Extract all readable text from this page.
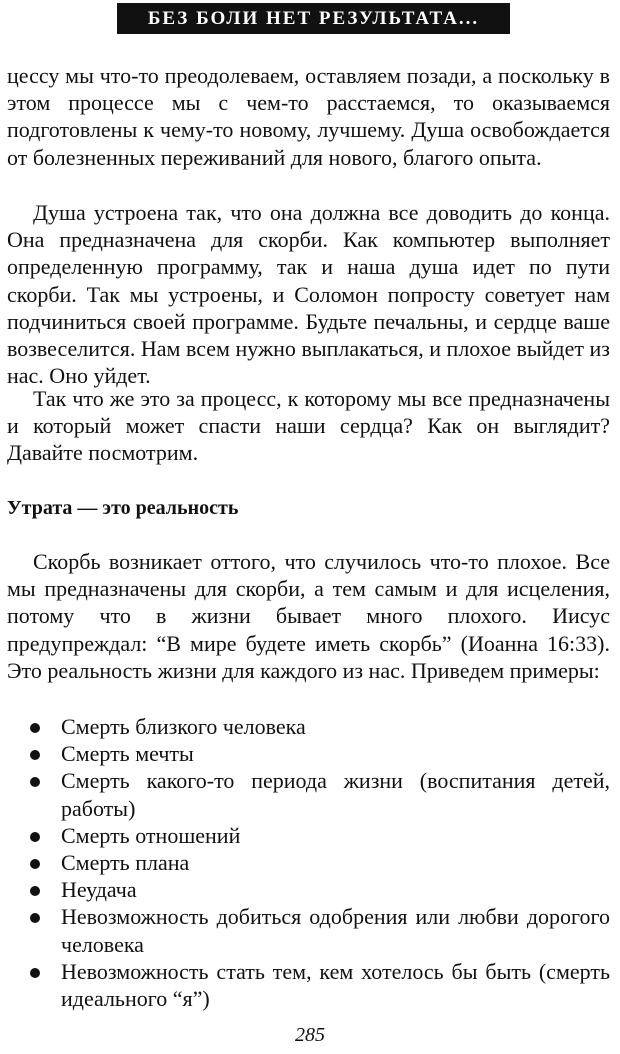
БЕЗ БОЛИ НЕТ РЕЗУЛЬТАТА...

цессу мы что-то преодолеваем, оставляем позади, а поскольку в этом процессе мы с чем-то расстаемся, то оказываемся подготовлены к чему-то новому, лучшему. Душа освобождается от болезненных переживаний для нового, благого опыта.

Душа устроена так, что она должна все доводить до конца. Она предназначена для скорби. Как компьютер выполняет определенную программу, так и наша душа идет по пути скорби. Так мы устроены, и Соломон попросту советует нам подчиниться своей программе. Будьте печальны, и сердце ваше возвеселится. Нам всем нужно выплакаться, и плохое выйдет из нас. Оно уйдет.

Так что же это за процесс, к которому мы все предназначены и который может спасти наши сердца? Как он выглядит? Давайте посмотрим.

Утрата — это реальность

Скорбь возникает оттого, что случилось что-то плохое. Все мы предназначены для скорби, а тем самым и для исцеления, потому что в жизни бывает много плохого. Иисус предупреждал: “В мире будете иметь скорбь” (Иоанна 16:33). Это реальность жизни для каждого из нас. Приведем примеры:

Смерть близкого человека
Смерть мечты
Смерть какого-то периода жизни (воспитания детей, работы)
Смерть отношений
Смерть плана
Неудача
Невозможность добиться одобрения или любви дорогого человека
Невозможность стать тем, кем хотелось бы быть (смерть идеального “я”)
285
